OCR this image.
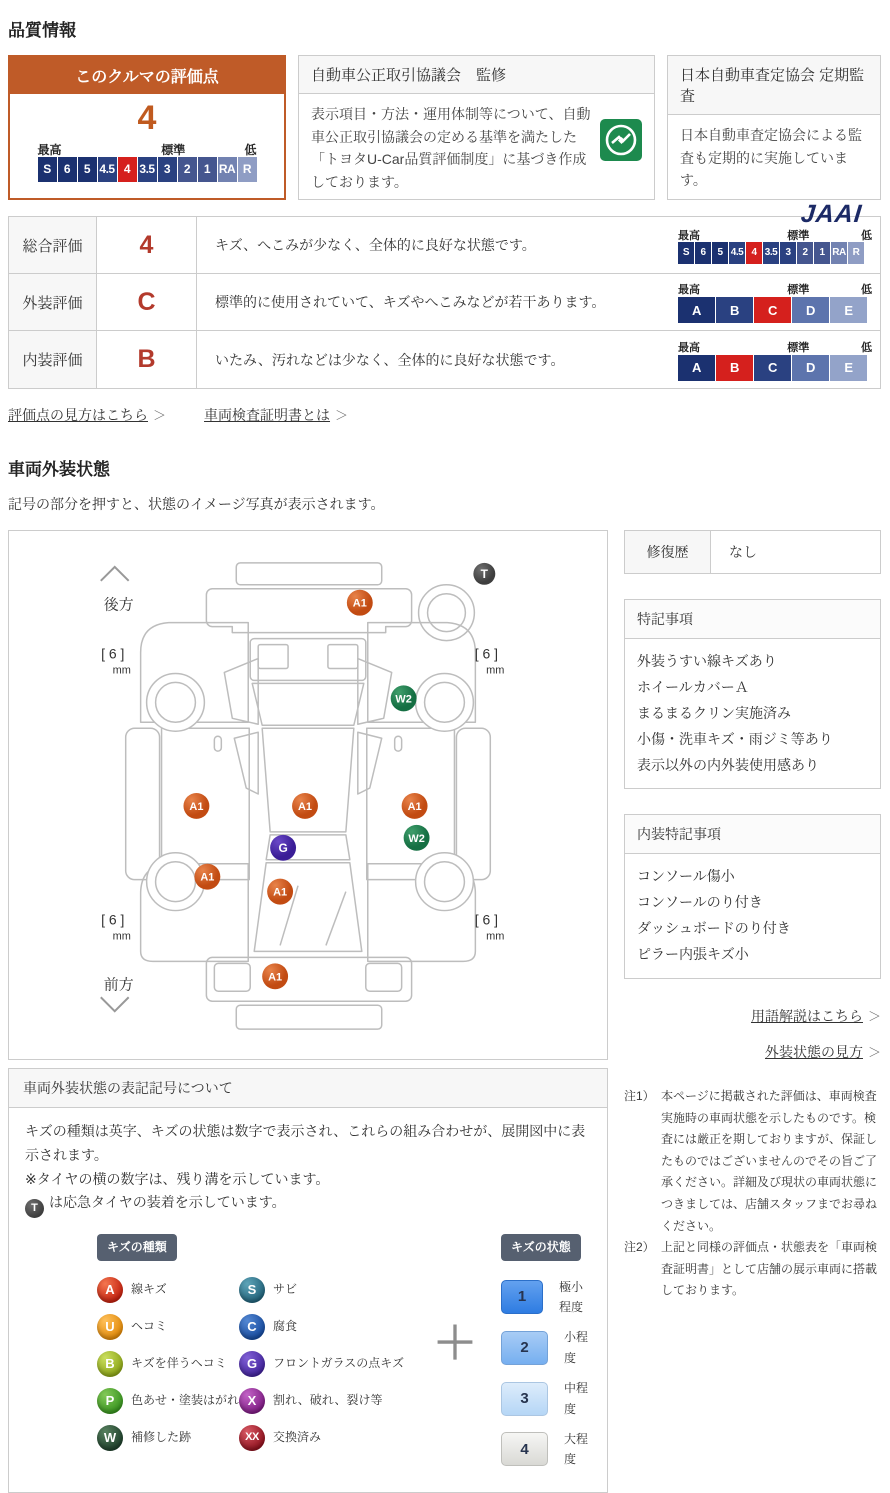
品質情報
このクルマの評価点
4
最高	標準	低
S	6	5 4.5 4 3.5 3	2	1 RA R
自動車公正取引協議会　監修
表示項目・方法・運用体制等について、自動車公正取引協議会の定める基準を満たした「トヨタU-Car品質評価制度」に基づき作成しております。
日本自動車査定協会 定期監査
日本自動車査定協会による監査も定期的に実施しています。
JAAI
総合評価	4	キズ、へこみが少なく、全体的に良好な状態です。
最高	標準	低
S	6	5 4.5 4 3.5 3	2	1 RA R
外装評価	C	標準的に使用されていて、キズやへこみなどが若干あります。
最高	標準	低
A	B	C	D	E
内装評価	B	いたみ、汚れなどは少なく、全体的に良好な状態です。
最高	標準	低
A	B	C	D	E
評価点の見方はこちら ＞	車両検査証明書とは ＞
車両外装状態

記号の部分を押すと、状態のイメージ写真が表示されます。

後方
前方
[ 6 ]
mm
[ 6 ]
mm
[ 6 ]
mm
[ 6 ]
mm
T
A1
W2
A1	A1	A1
W2
G
A1
A1
A1
車両外装状態の表記記号について

キズの種類は英字、キズの状態は数字で表示され、これらの組み合わせが、展開図中に表示されます。

※タイヤの横の数字は、残り溝を示しています。

T は応急タイヤの装着を示しています。

キズの種類
A	線キズ	S	サビ
U	ヘコミ	C	腐食
B	キズを伴うヘコミ	G	フロントガラスの点キズ
P	色あせ・塗装はがれ X	割れ、破れ、裂け等
W	補修した跡	XX	交換済み
＋
キズの状態
1
極小程度
2
小程度
3
中程度
4
大程度
修復歴	なし
特記事項
外装うすい線キズあり
ホイールカバーＡ
まるまるクリン実施済み
小傷・洗車キズ・雨ジミ等あり
表示以外の内外装使用感あり
内装特記事項
コンソール傷小
コンソールのり付き
ダッシュボードのり付き
ピラー内張キズ小
用語解説はこちら ＞
外装状態の見方 ＞
注1） 本ページに掲載された評価は、車両検査実施時の車両状態を示したものです。検査には厳正を期しておりますが、保証したものではございませんのでその旨ご了承ください。詳細及び現状の車両状態につきましては、店舗スタッフまでお尋ねください。
注2） 上記と同様の評価点・状態表を「車両検査証明書」として店舗の展示車両に搭載しております。
